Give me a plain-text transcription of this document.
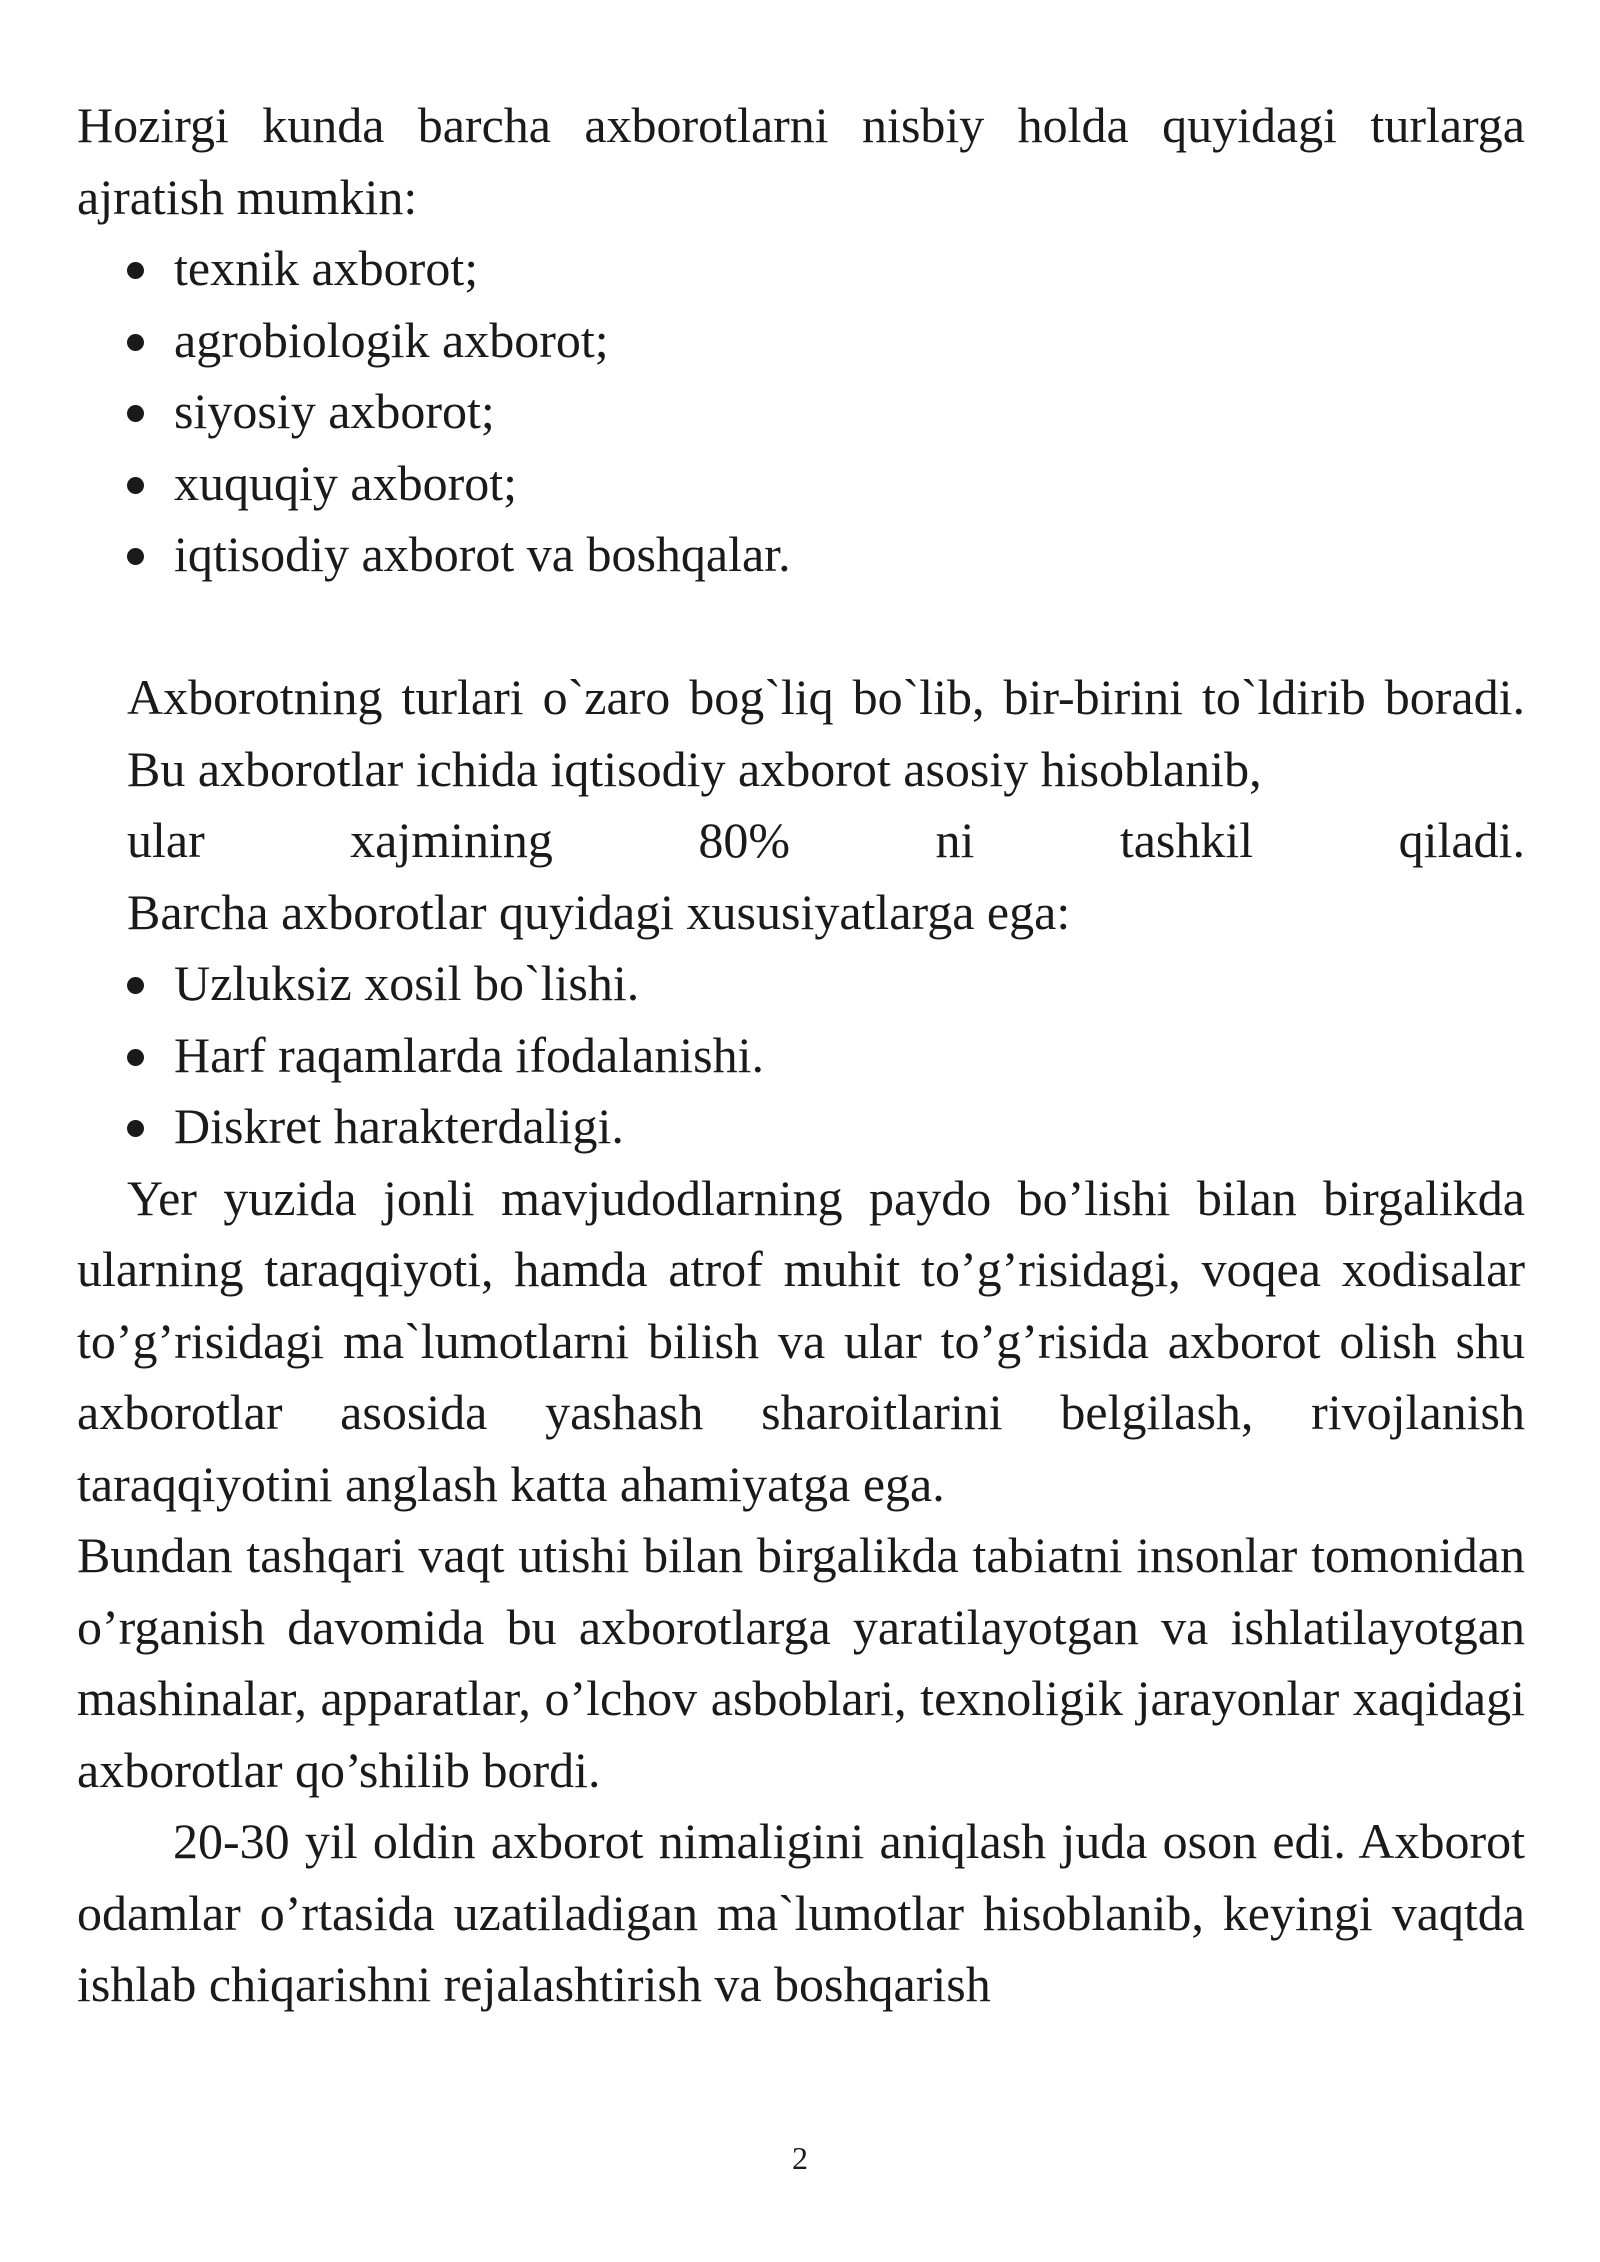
Hozirgi kunda barcha axborotlarni nisbiy holda quyidagi turlarga ajratish mumkin:

texnik axborot;
agrobiologik axborot;
siyosiy axborot;
xuquqiy axborot;
iqtisodiy axborot va boshqalar.

Axborotning turlari o`zaro bog`liq bo`lib, bir-birini to`ldirib boradi. Bu axborotlar ichida iqtisodiy axborot asosiy hisoblanib,

ular	xajmining	80%	ni	tashkil	qiladi.

Barcha axborotlar quyidagi xususiyatlarga ega:

Uzluksiz xosil bo`lishi.
Harf raqamlarda ifodalanishi.
Diskret harakterdaligi.

Yer yuzida jonli mavjudodlarning paydo bo’lishi bilan birgalikda ularning taraqqiyoti, hamda atrof muhit to’g’risidagi, voqea xodisalar to’g’risidagi ma`lumotlarni bilish va ular to’g’risida axborot olish shu axborotlar asosida yashash sharoitlarini belgilash, rivojlanish taraqqiyotini anglash katta ahamiyatga ega.

Bundan tashqari vaqt utishi bilan birgalikda tabiatni insonlar tomonidan o’rganish davomida bu axborotlarga yaratilayotgan va ishlatilayotgan mashinalar, apparatlar, o’lchov asboblari, texnoligik jarayonlar xaqidagi axborotlar qo’shilib bordi.

20-30 yil oldin axborot nimaligini aniqlash juda oson edi. Axborot odamlar o’rtasida uzatiladigan ma`lumotlar hisoblanib, keyingi vaqtda ishlab chiqarishni rejalashtirish va boshqarish

2
